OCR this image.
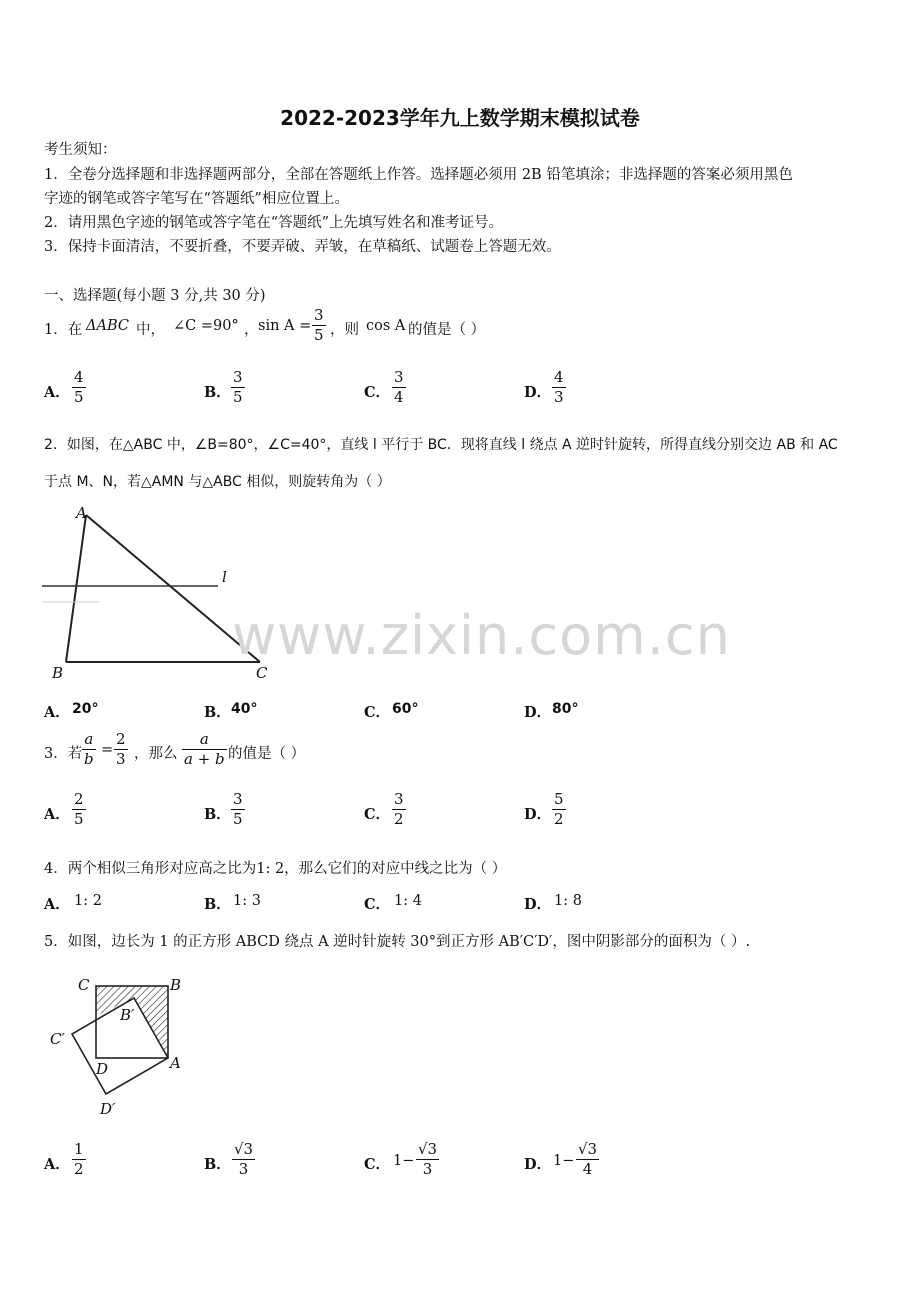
2022-2023学年九上数学期末模拟试卷
考生须知：
1．全卷分选择题和非选择题两部分，全部在答题纸上作答。选择题必须用 2B 铅笔填涂；非选择题的答案必须用黑色
字迹的钢笔或答字笔写在“答题纸”相应位置上。
2．请用黑色字迹的钢笔或答字笔在“答题纸”上先填写姓名和准考证号。
3．保持卡面清洁，不要折叠，不要弄破、弄皱，在草稿纸、试题卷上答题无效。
一、选择题(每小题 3 分,共 30 分)
1．在 ΔABC 中， ∠C =90° ， $\sin A = \frac{3}{5}$ ，则 cos A 的值是（ ）
A． $\frac{4}{5}$	B． $\frac{3}{5}$	C． $\frac{3}{4}$	D． $\frac{4}{3}$
2．如图，在△ABC 中，∠B=80°，∠C=40°，直线 l 平行于 BC．现将直线 l 绕点 A 逆时针旋转，所得直线分别交边 AB 和 AC
于点 M、N，若△AMN 与△ABC 相似，则旋转角为（ ）
A
l
B	C
www.zixin.com.cn
A． 20°	B． 40°	C． 60°	D． 80°
3．若 $\frac{a}{b} = \frac{2}{3}$ ，那么 $\frac{a}{a + b}$ 的值是（ ）
A． $\frac{2}{5}$	B． $\frac{3}{5}$	C． $\frac{3}{2}$	D． $\frac{5}{2}$
4．两个相似三角形对应高之比为1: 2，那么它们的对应中线之比为（ ）
A． 1: 2	B． 1: 3	C． 1: 4	D． 1: 8
5．如图，边长为 1 的正方形 ABCD 绕点 A 逆时针旋转 30°到正方形 AB′C′D′，图中阴影部分的面积为（ ）.
C	B
B′
C′
D	A
D′
A． $\frac{1}{2}$	B． $\frac{√3}{3}$	C． $1- \frac{√3}{3}$	D． $1- \frac{√3}{4}$
